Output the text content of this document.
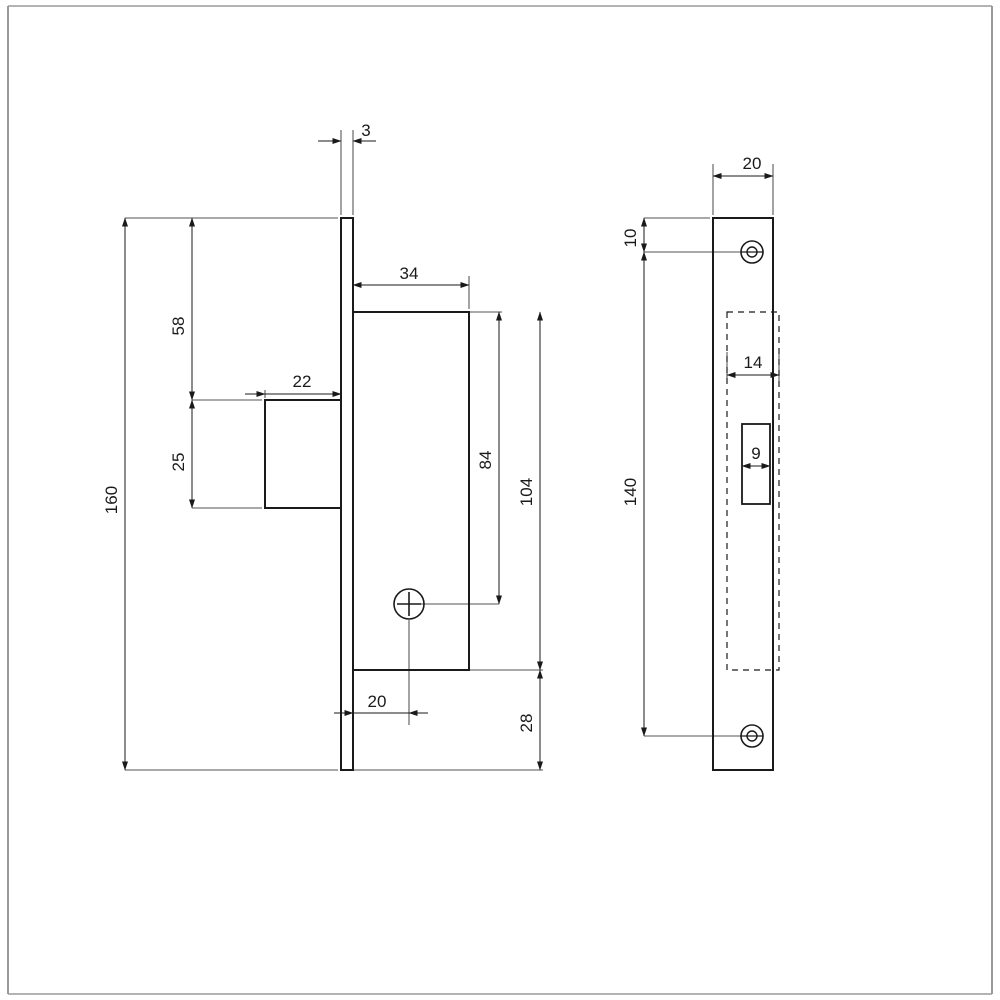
3
160
58
25
22
34
84
104
28
20
20
10
140
14
9
